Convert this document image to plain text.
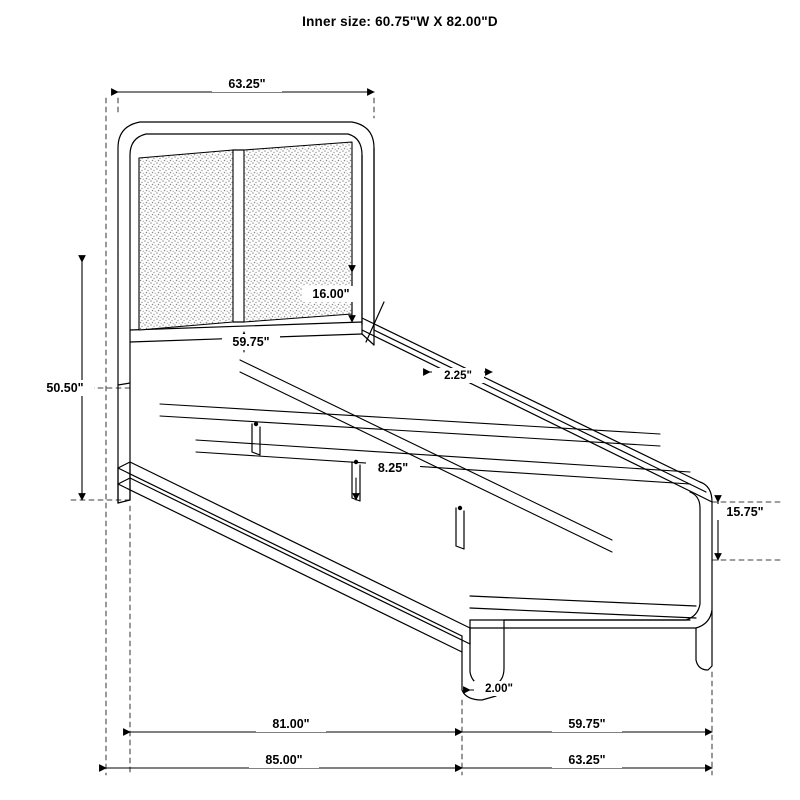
Inner size: 60.75"W X 82.00"D
63.25"
16.00"
50.50"
59.75"
2.25"
8.25"
15.75"
2.00"
81.00"	59.75"
85.00"	63.25"
